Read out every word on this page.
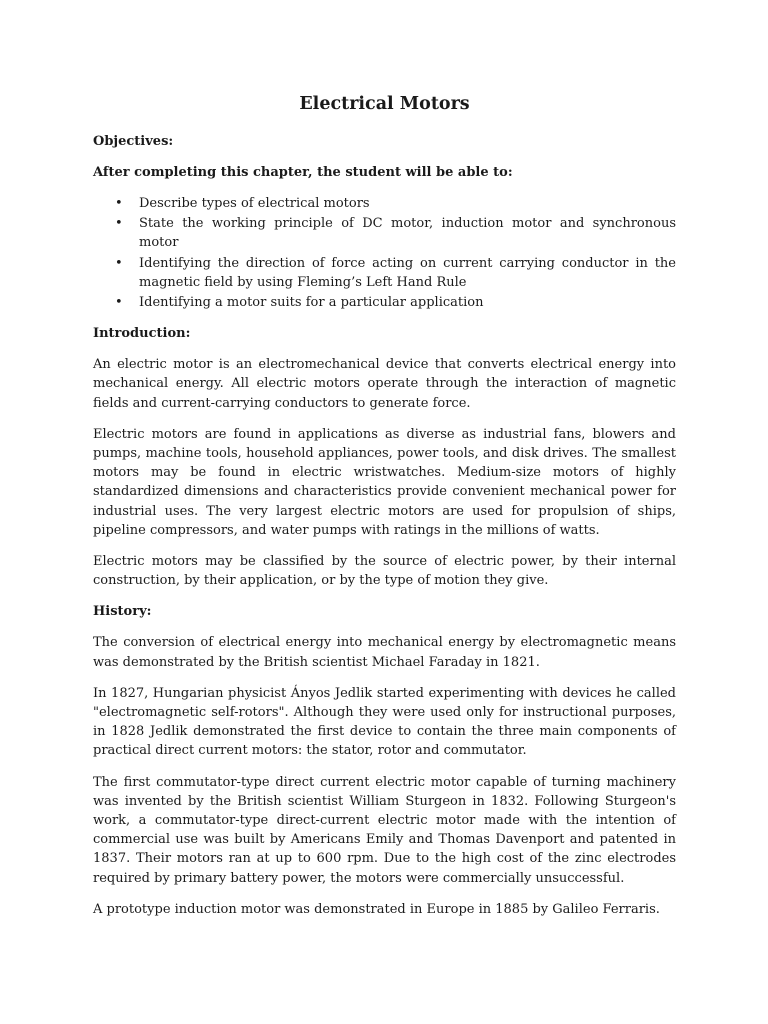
Electrical Motors
Objectives:
After completing this chapter, the student will be able to:
• Describe types of electrical motors
• State the working principle of DC motor, induction motor and synchronous motor
• Identifying the direction of force acting on current carrying conductor in the magnetic field by using Fleming’s Left Hand Rule
• Identifying a motor suits for a particular application
Introduction:

An electric motor is an electromechanical device that converts electrical energy into mechanical energy. All electric motors operate through the interaction of magnetic fields and current-carrying conductors to generate force.

Electric motors are found in applications as diverse as industrial fans, blowers and pumps, machine tools, household appliances, power tools, and disk drives. The smallest motors may be found in electric wristwatches. Medium-size motors of highly standardized dimensions and characteristics provide convenient mechanical power for industrial uses. The very largest electric motors are used for propulsion of ships, pipeline compressors, and water pumps with ratings in the millions of watts.

Electric motors may be classified by the source of electric power, by their internal construction, by their application, or by the type of motion they give.

History:

The conversion of electrical energy into mechanical energy by electromagnetic means was demonstrated by the British scientist Michael Faraday in 1821.

In 1827, Hungarian physicist Ányos Jedlik started experimenting with devices he called "electromagnetic self-rotors". Although they were used only for instructional purposes, in 1828 Jedlik demonstrated the first device to contain the three main components of practical direct current motors: the stator, rotor and commutator.

The first commutator-type direct current electric motor capable of turning machinery was invented by the British scientist William Sturgeon in 1832. Following Sturgeon's work, a commutator-type direct-current electric motor made with the intention of commercial use was built by Americans Emily and Thomas Davenport and patented in 1837. Their motors ran at up to 600 rpm. Due to the high cost of the zinc electrodes required by primary battery power, the motors were commercially unsuccessful.

A prototype induction motor was demonstrated in Europe in 1885 by Galileo Ferraris.
